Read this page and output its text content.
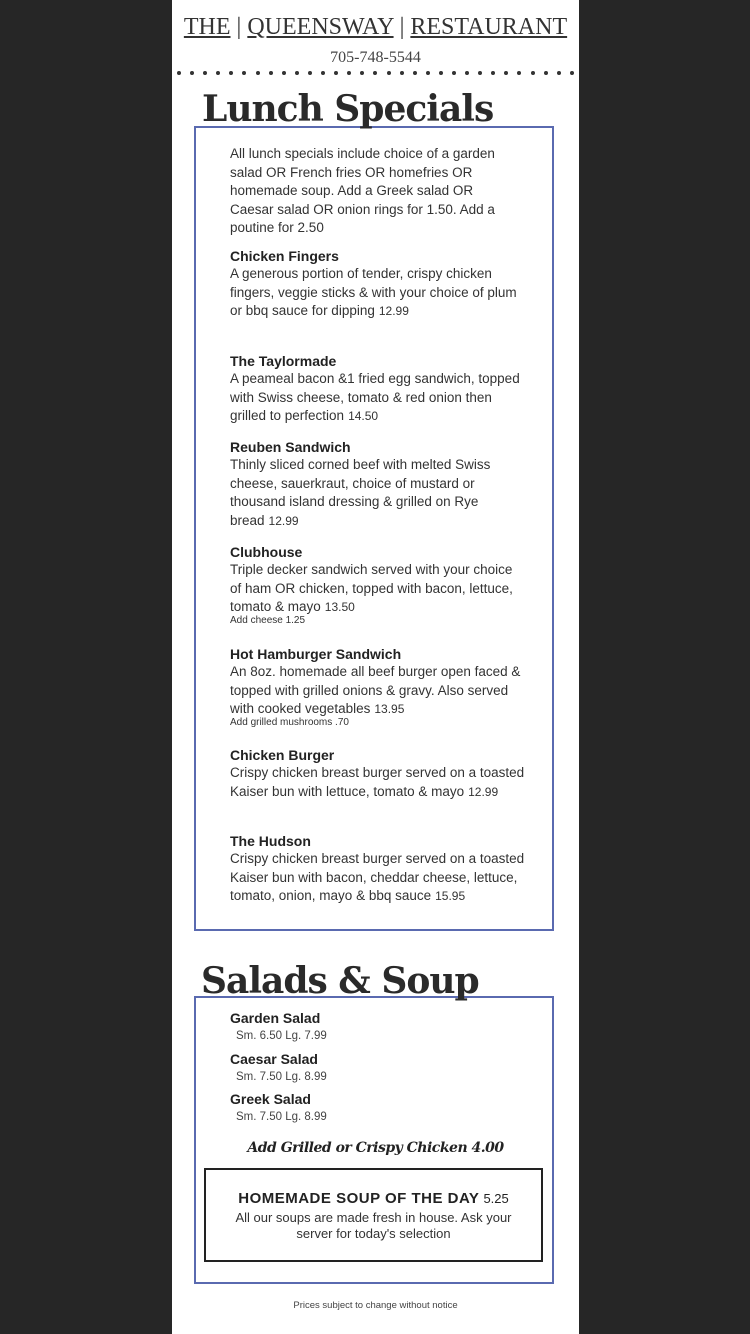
THE | QUEENSWAY | RESTAURANT
705-748-5544
Lunch Specials
All lunch specials include choice of a garden salad OR French fries OR homefries OR homemade soup. Add a Greek salad OR Caesar salad OR onion rings for 1.50. Add a poutine for 2.50
Chicken Fingers
A generous portion of tender, crispy chicken fingers, veggie sticks & with your choice of plum or bbq sauce for dipping 12.99
The Taylormade
A peameal bacon &1 fried egg sandwich, topped with Swiss cheese, tomato & red onion then grilled to perfection 14.50
Reuben Sandwich
Thinly sliced corned beef with melted Swiss cheese, sauerkraut, choice of mustard or thousand island dressing & grilled on Rye bread 12.99
Clubhouse
Triple decker sandwich served with your choice of ham OR chicken, topped with bacon, lettuce, tomato & mayo 13.50
Add cheese 1.25
Hot Hamburger Sandwich
An 8oz. homemade all beef burger open faced & topped with grilled onions & gravy. Also served with cooked vegetables 13.95
Add grilled mushrooms .70
Chicken Burger
Crispy chicken breast burger served on a toasted Kaiser bun with lettuce, tomato & mayo 12.99
The Hudson
Crispy chicken breast burger served on a toasted Kaiser bun with bacon, cheddar cheese, lettuce, tomato, onion, mayo & bbq sauce 15.95
Salads & Soup
Garden Salad
Sm. 6.50 Lg. 7.99
Caesar Salad
Sm. 7.50 Lg. 8.99
Greek Salad
Sm. 7.50 Lg. 8.99
Add Grilled or Crispy Chicken 4.00
HOMEMADE SOUP OF THE DAY 5.25
All our soups are made fresh in house. Ask your server for today's selection
Prices subject to change without notice
